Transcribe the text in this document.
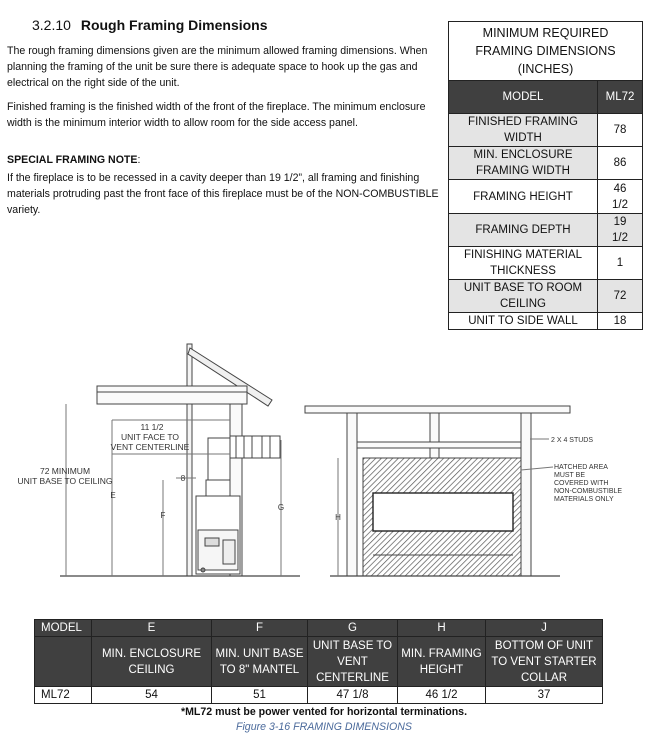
3.2.10 Rough Framing Dimensions
The rough framing dimensions given are the minimum allowed framing dimensions. When planning the framing of the unit be sure there is adequate space to hook up the gas and electrical on the right side of the unit.
Finished framing is the finished width of the front of the fireplace. The minimum enclosure width is the minimum interior width to allow room for the side access panel.
SPECIAL FRAMING NOTE:
If the fireplace is to be recessed in a cavity deeper than 19 1/2”, all framing and finishing materials protruding past the front face of this fireplace must be of the NON-COMBUSTIBLE variety.
MINIMUM REQUIRED FRAMING DIMENSIONS (INCHES)	
MODEL	ML72
FINISHED FRAMING WIDTH	78
MIN. ENCLOSURE FRAMING WIDTH	86
FRAMING HEIGHT	46 1/2
FRAMING DEPTH	19 1/2
FINISHING MATERIAL THICKNESS	1
UNIT BASE TO ROOM CEILING	72
UNIT TO SIDE WALL	18
11 1/2
UNIT FACE TO
VENT CENTERLINE
72 MINIMUM
UNIT BASE TO CEILING
E
F
G
8
2 X 4 STUDS
HATCHED AREA
MUST BE
COVERED WITH
NON-COMBUSTIBLE
MATERIALS ONLY
H
MODEL	E	F	G	H	J
	MIN. ENCLOSURE CEILING	MIN. UNIT BASE TO 8" MANTEL	UNIT BASE TO VENT CENTERLINE	MIN. FRAMING HEIGHT	BOTTOM OF UNIT TO VENT STARTER COLLAR
ML72	54	51	47 1/8	46 1/2	37
*ML72 must be power vented for horizontal terminations.
Figure 3-16 FRAMING DIMENSIONS
